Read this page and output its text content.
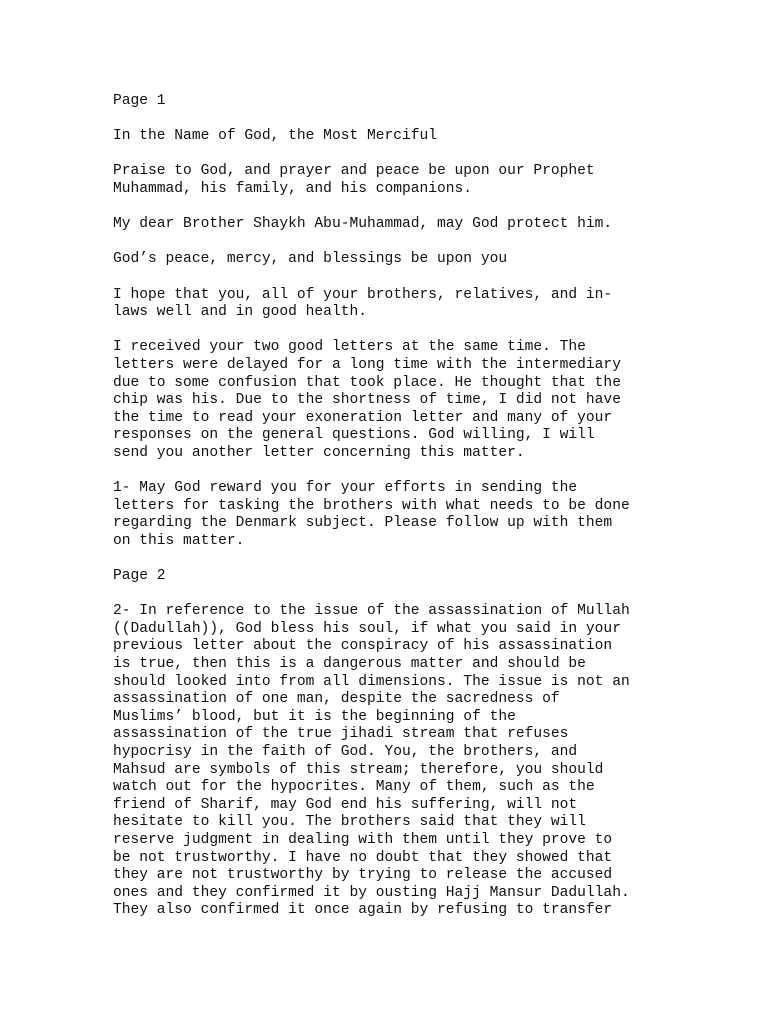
Page 1
In the Name of God, the Most Merciful
Praise to God, and prayer and peace be upon our Prophet
Muhammad, his family, and his companions.
My dear Brother Shaykh Abu-Muhammad, may God protect him.
God’s peace, mercy, and blessings be upon you
I hope that you, all of your brothers, relatives, and in-
laws well and in good health.
I received your two good letters at the same time. The
letters were delayed for a long time with the intermediary
due to some confusion that took place. He thought that the
chip was his. Due to the shortness of time, I did not have
the time to read your exoneration letter and many of your
responses on the general questions. God willing, I will
send you another letter concerning this matter.
1- May God reward you for your efforts in sending the
letters for tasking the brothers with what needs to be done
regarding the Denmark subject. Please follow up with them
on this matter.
Page 2
2- In reference to the issue of the assassination of Mullah
((Dadullah)), God bless his soul, if what you said in your
previous letter about the conspiracy of his assassination
is true, then this is a dangerous matter and should be
should looked into from all dimensions. The issue is not an
assassination of one man, despite the sacredness of
Muslims’ blood, but it is the beginning of the
assassination of the true jihadi stream that refuses
hypocrisy in the faith of God. You, the brothers, and
Mahsud are symbols of this stream; therefore, you should
watch out for the hypocrites. Many of them, such as the
friend of Sharif, may God end his suffering, will not
hesitate to kill you. The brothers said that they will
reserve judgment in dealing with them until they prove to
be not trustworthy. I have no doubt that they showed that
they are not trustworthy by trying to release the accused
ones and they confirmed it by ousting Hajj Mansur Dadullah.
They also confirmed it once again by refusing to transfer
